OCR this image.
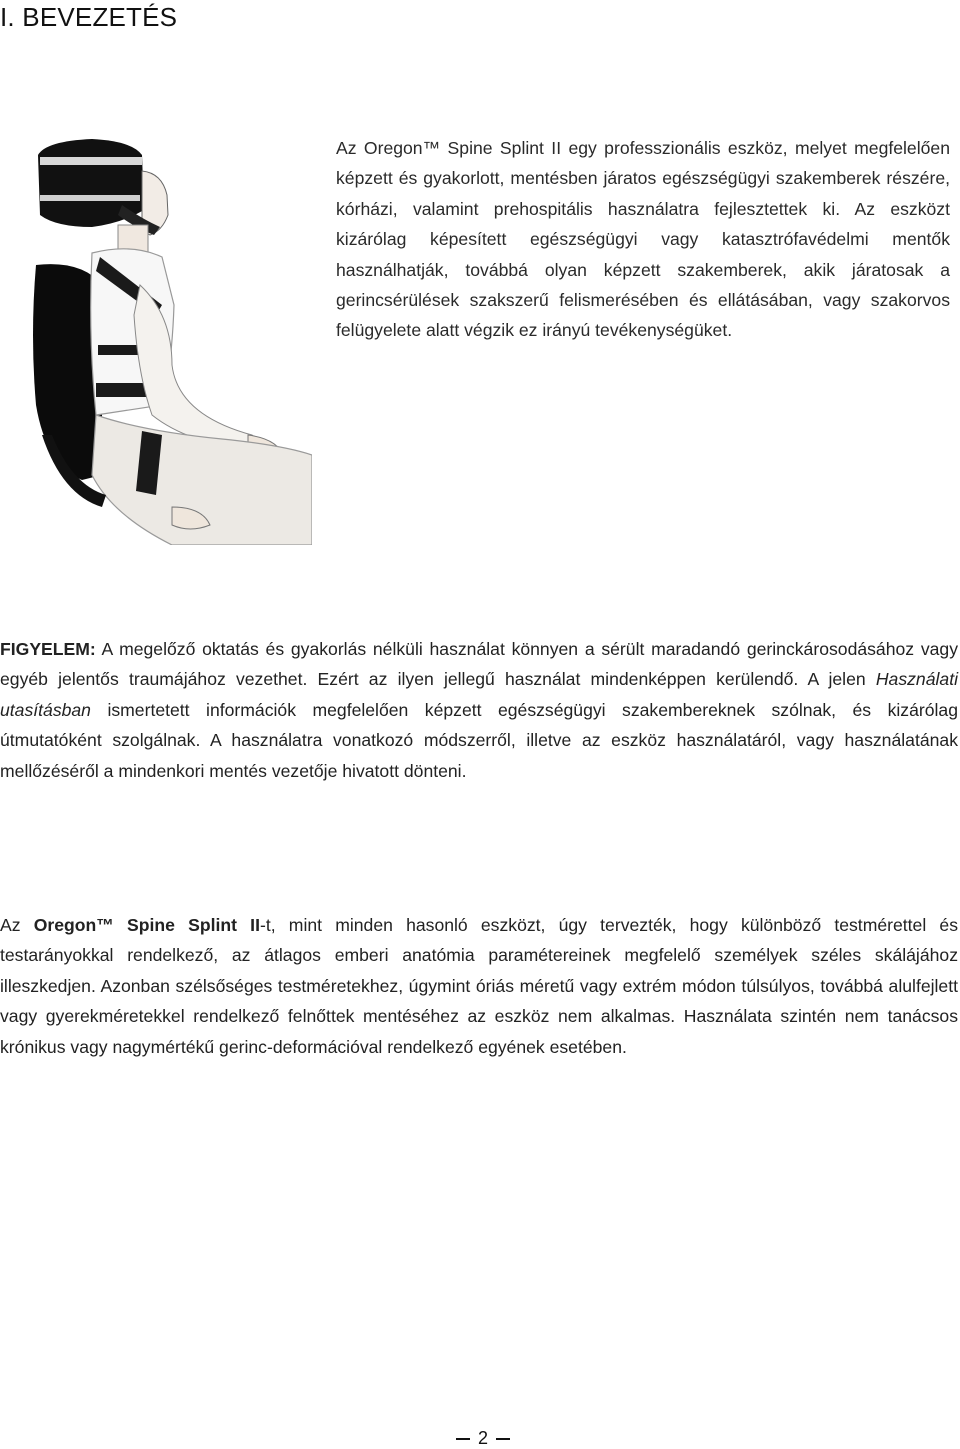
I. BEVEZETÉS
Az Oregon™ Spine Splint II egy professzionális eszköz, melyet megfelelően képzett és gyakorlott, mentésben járatos egészségügyi szakemberek részére, kórházi, valamint prehospitális használatra fejlesztettek ki. Az eszközt kizárólag képesített egészségügyi vagy katasztrófavédelmi mentők használhatják, továbbá olyan képzett szakemberek, akik járatosak a gerincsérülések szakszerű felismerésében és ellátásában, vagy szakorvos felügyelete alatt végzik ez irányú tevékenységüket.

FIGYELEM: A megelőző oktatás és gyakorlás nélküli használat könnyen a sérült maradandó gerinckárosodásához vagy egyéb jelentős traumájához vezethet. Ezért az ilyen jellegű használat mindenképpen kerülendő. A jelen Használati utasításban ismertetett információk megfelelően képzett egészségügyi szakembereknek szólnak, és kizárólag útmutatóként szolgálnak. A használatra vonatkozó módszerről, illetve az eszköz használatáról, vagy használatának mellőzéséről a mindenkori mentés vezetője hivatott dönteni.

Az Oregon™ Spine Splint II-t, mint minden hasonló eszközt, úgy tervezték, hogy különböző testmérettel és testarányokkal rendelkező, az átlagos emberi anatómia paramétereinek megfelelő személyek széles skálájához illeszkedjen. Azonban szélsőséges testméretekhez, úgymint óriás méretű vagy extrém módon túlsúlyos, továbbá alulfejlett vagy gyerekméretekkel rendelkező felnőttek mentéséhez az eszköz nem alkalmas. Használata szintén nem tanácsos krónikus vagy nagymértékű gerinc-deformációval rendelkező egyének esetében.

2
